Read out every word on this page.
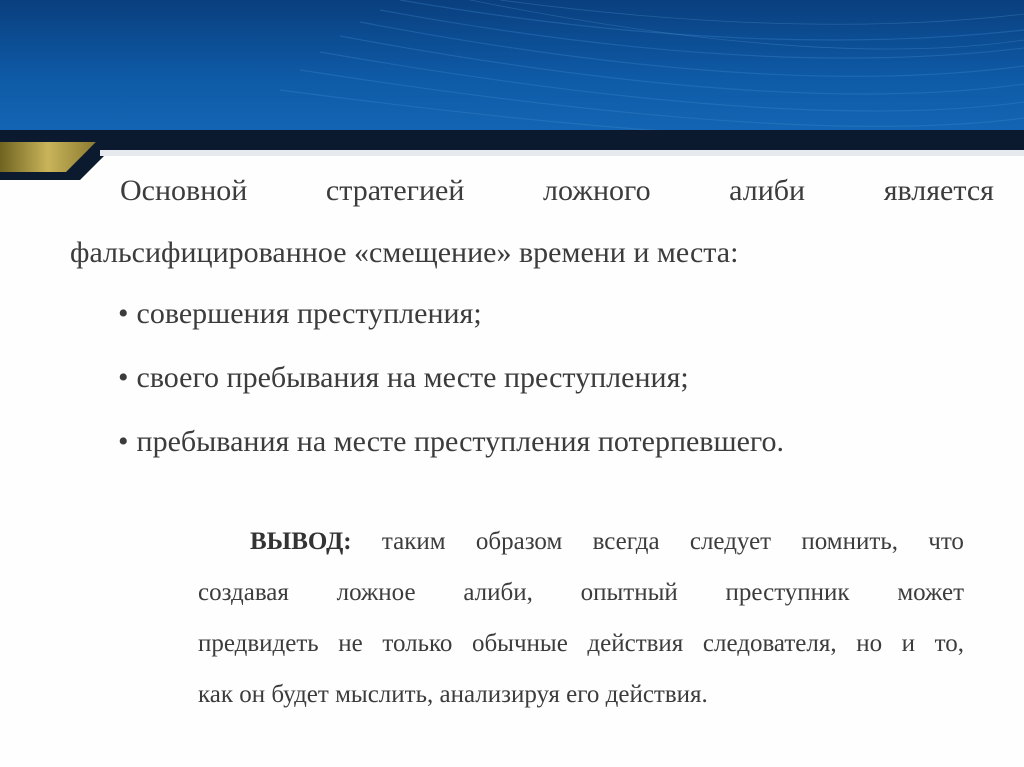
Основной	стратегией	ложного	алиби	является
фальсифицированное «смещение» времени и места:
• совершения преступления;
• своего пребывания на месте преступления;
• пребывания на месте преступления потерпевшего.
ВЫВОД: таким образом всегда следует помнить, что
создавая ложное алиби, опытный преступник может
предвидеть не только обычные действия следователя, но и то,
как он будет мыслить, анализируя его действия.
